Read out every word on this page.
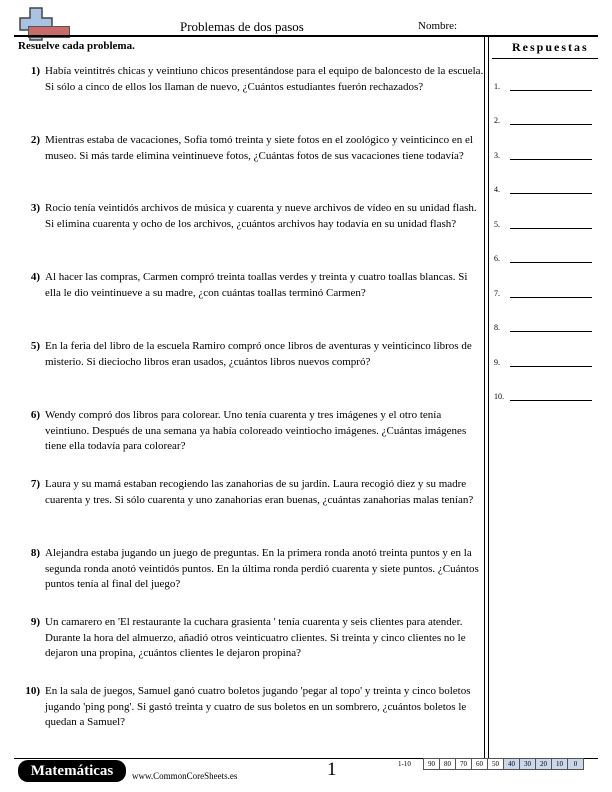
Problemas de dos pasos	Nombre:
Resuelve cada problema.
1) Había veintitrés chicas y veintiuno chicos presentándose para el equipo de baloncesto de la escuela. Si sólo a cinco de ellos los llaman de nuevo, ¿Cuántos estudiantes fuerón rechazados?
2) Mientras estaba de vacaciones, Sofía tomó treinta y siete fotos en el zoológico y veinticinco en el museo. Si más tarde elimina veintinueve fotos, ¿Cuántas fotos de sus vacaciones tiene todavía?
3) Rocio tenía veintidós archivos de música y cuarenta y nueve archivos de vídeo en su unidad flash. Si elimina cuarenta y ocho de los archivos, ¿cuántos archivos hay todavía en su unidad flash?
4) Al hacer las compras, Carmen compró treinta toallas verdes y treinta y cuatro toallas blancas. Si ella le dio veintinueve a su madre, ¿con cuántas toallas terminó Carmen?
5) En la feria del libro de la escuela Ramiro compró once libros de aventuras y veinticinco libros de misterio. Si dieciocho libros eran usados, ¿cuántos libros nuevos compró?
6) Wendy compró dos libros para colorear. Uno tenía cuarenta y tres imágenes y el otro tenía veintiuno. Después de una semana ya había coloreado veintiocho imágenes. ¿Cuántas imágenes tiene ella todavía para colorear?
7) Laura y su mamá estaban recogiendo las zanahorias de su jardín. Laura recogió diez y su madre cuarenta y tres. Si sólo cuarenta y uno zanahorias eran buenas, ¿cuántas zanahorias malas tenían?
8) Alejandra estaba jugando un juego de preguntas. En la primera ronda anotó treinta puntos y en la segunda ronda anotó veintidós puntos. En la última ronda perdió cuarenta y siete puntos. ¿Cuántos puntos tenía al final del juego?
9) Un camarero en 'El restaurante la cuchara grasienta ' tenía cuarenta y seis clientes para atender. Durante la hora del almuerzo, añadió otros veinticuatro clientes. Si treinta y cinco clientes no le dejaron una propina, ¿cuántos clientes le dejaron propina?
10) En la sala de juegos, Samuel ganó cuatro boletos jugando 'pegar al topo' y treinta y cinco boletos jugando 'ping pong'. Si gastó treinta y cuatro de sus boletos en un sombrero, ¿cuántos boletos le quedan a Samuel?
Respuestas
1.
2.
3.
4.
5.
6.
7.
8.
9.
10.
Matemáticas	www.CommonCoreSheets.es	1	1-10	90	80	70	60	50	40	30	20	10	0
